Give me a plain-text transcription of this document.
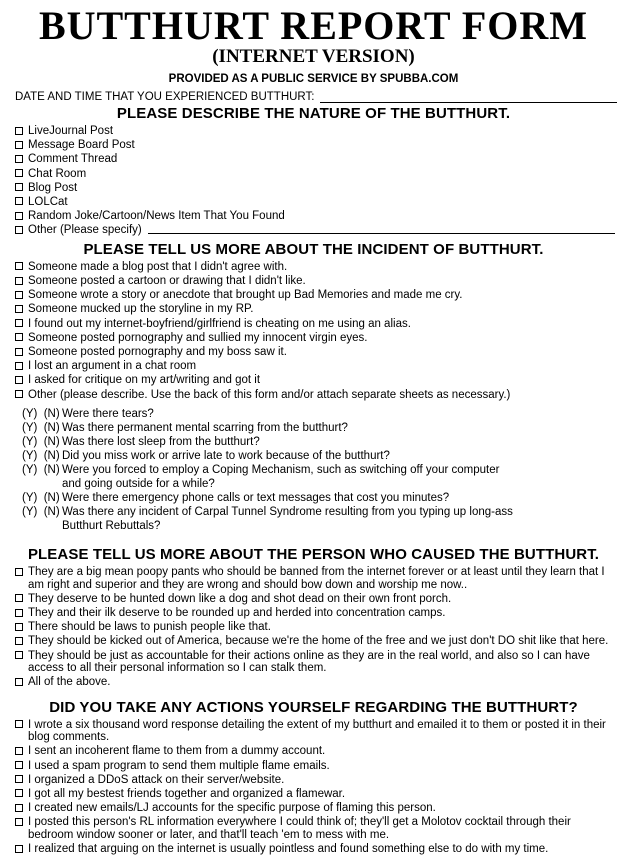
BUTTHURT REPORT FORM
(INTERNET VERSION)
PROVIDED AS A PUBLIC SERVICE BY SPUBBA.COM
DATE AND TIME THAT YOU EXPERIENCED BUTTHURT:
PLEASE DESCRIBE THE NATURE OF THE BUTTHURT.
LiveJournal Post
Message Board Post
Comment Thread
Chat Room
Blog Post
LOLCat
Random Joke/Cartoon/News Item That You Found
Other (Please specify)
PLEASE TELL US MORE ABOUT THE INCIDENT OF BUTTHURT.
Someone made a blog post that I didn't agree with.
Someone posted a cartoon or drawing that I didn't like.
Someone wrote a story or anecdote that brought up Bad Memories and made me cry.
Someone mucked up the storyline in my RP.
I found out my internet-boyfriend/girlfriend is cheating on me using an alias.
Someone posted pornography and sullied my innocent virgin eyes.
Someone posted pornography and my boss saw it.
I lost an argument in a chat room
I asked for critique on my art/writing and got it
Other (please describe. Use the back of this form and/or attach separate sheets as necessary.)
(Y)  (N) Were there tears?
(Y)  (N) Was there permanent mental scarring from the butthurt?
(Y)  (N) Was there lost sleep from the butthurt?
(Y)  (N) Did you miss work or arrive late to work because of the butthurt?
(Y)  (N) Were you forced to employ a Coping Mechanism, such as switching off your computer
and going outside for a while?
(Y)  (N) Were there emergency phone calls or text messages that cost you minutes?
(Y)  (N) Was there any incident of Carpal Tunnel Syndrome resulting from you typing up long-ass
Butthurt Rebuttals?
PLEASE TELL US MORE ABOUT THE PERSON WHO CAUSED THE BUTTHURT.
They are a big mean poopy pants who should be banned from the internet forever or at least until they learn that I am right and superior and they are wrong and should bow down and worship me now..
They deserve to be hunted down like a dog and shot dead on their own front porch.
They and their ilk deserve to be rounded up and herded into concentration camps.
There should be laws to punish people like that.
They should be kicked out of America, because we're the home of the free and we just don't DO shit like that here.
They should be just as accountable for their actions online as they are in the real world, and also so I can have access to all their personal information so I can stalk them.
All of the above.
DID YOU TAKE ANY ACTIONS YOURSELF REGARDING THE BUTTHURT?
I wrote a six thousand word response detailing the extent of my butthurt and emailed it to them or posted it in their blog comments.
I sent an incoherent flame to them from a dummy account.
I used a spam program to send them multiple flame emails.
I organized a DDoS attack on their server/website.
I got all my bestest friends together and organized a flamewar.
I created new emails/LJ accounts for the specific purpose of flaming this person.
I posted this person's RL information everywhere I could think of; they'll get a Molotov cocktail through their bedroom window sooner or later, and that'll teach 'em to mess with me.
I realized that arguing on the internet is usually pointless and found something else to do with my time.
